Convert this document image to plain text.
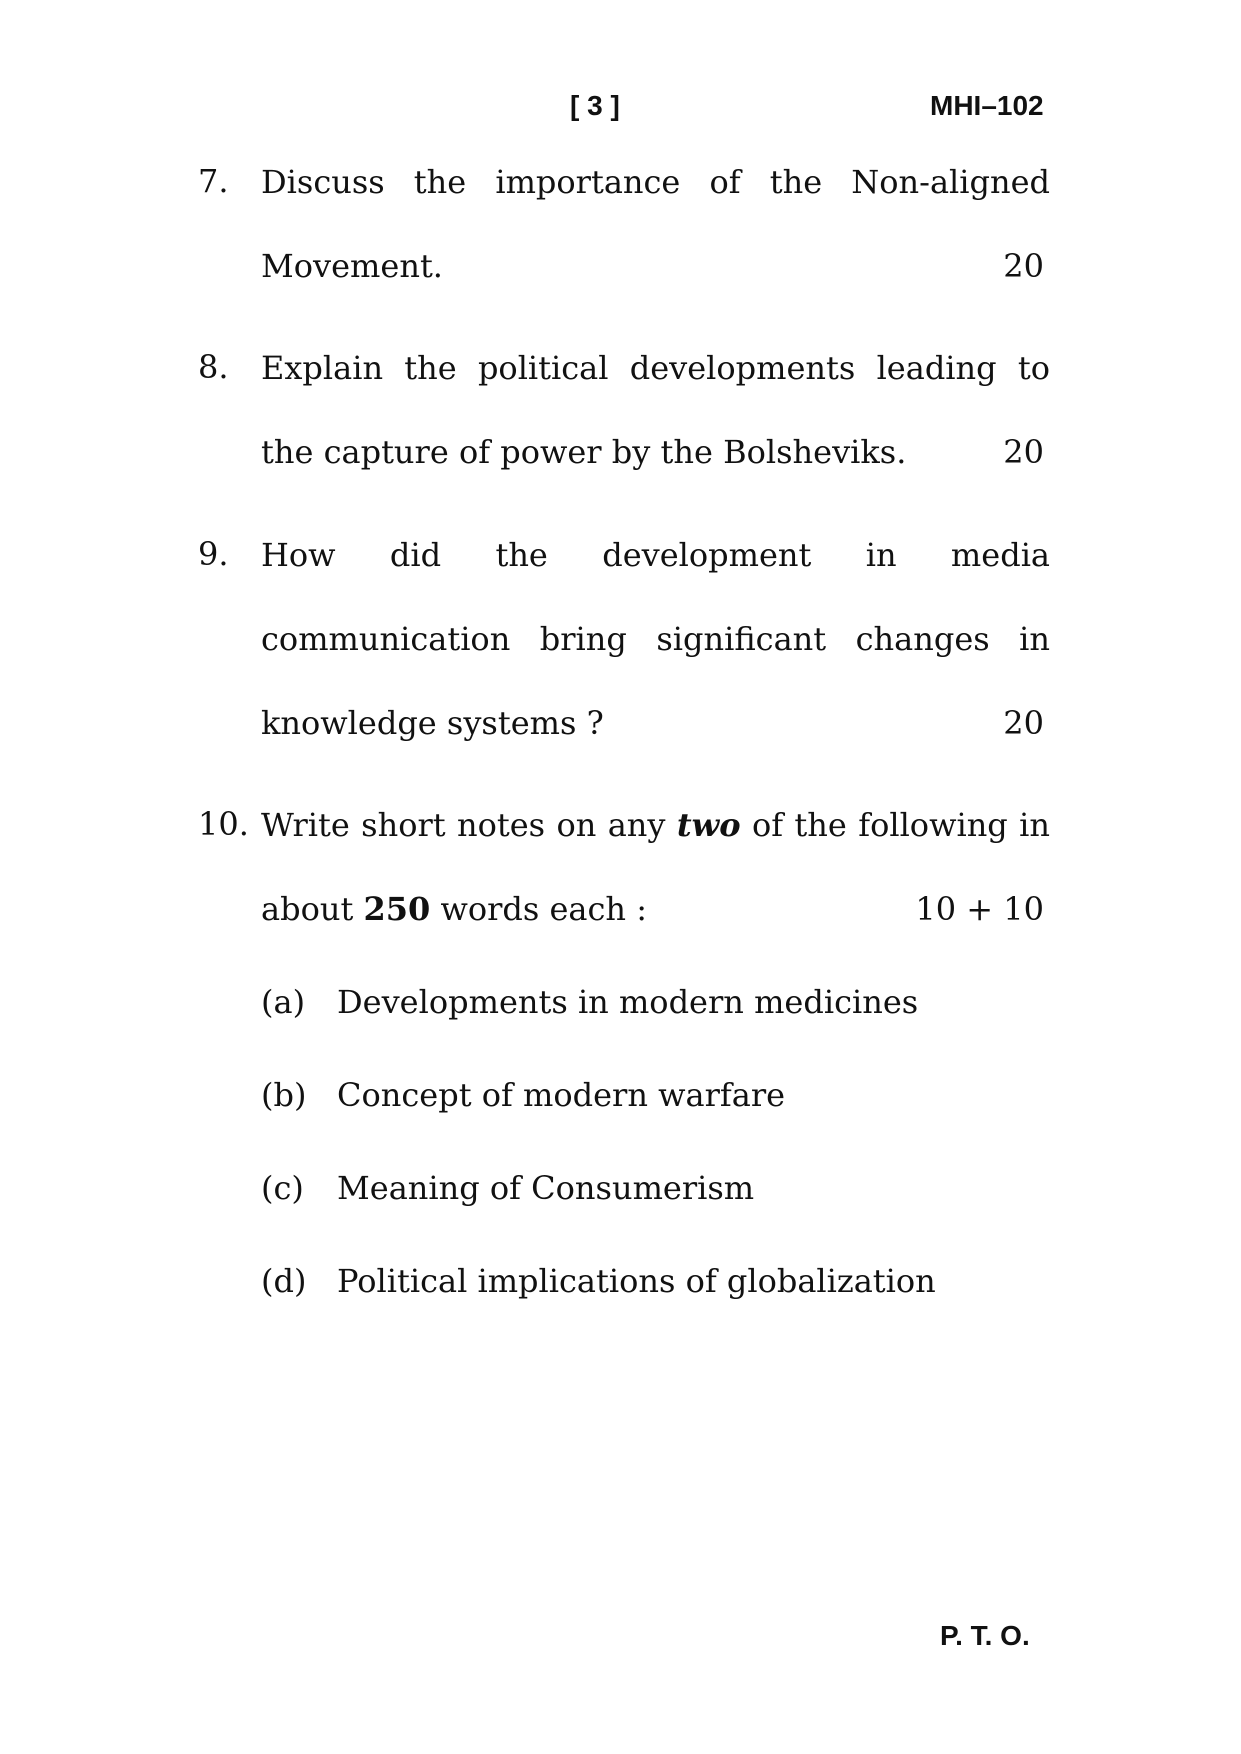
[ 3 ]	MHI–102
7. Discuss the importance of the Non-aligned
Movement.	20
8. Explain the political developments leading to
the capture of power by the Bolsheviks.	20
9. How did the development in media
communication bring significant changes in
knowledge systems ?	20
10. Write short notes on any two of the following in
about 250 words each :	10 + 10
(a) Developments in modern medicines
(b) Concept of modern warfare
(c) Meaning of Consumerism
(d) Political implications of globalization
P. T. O.
